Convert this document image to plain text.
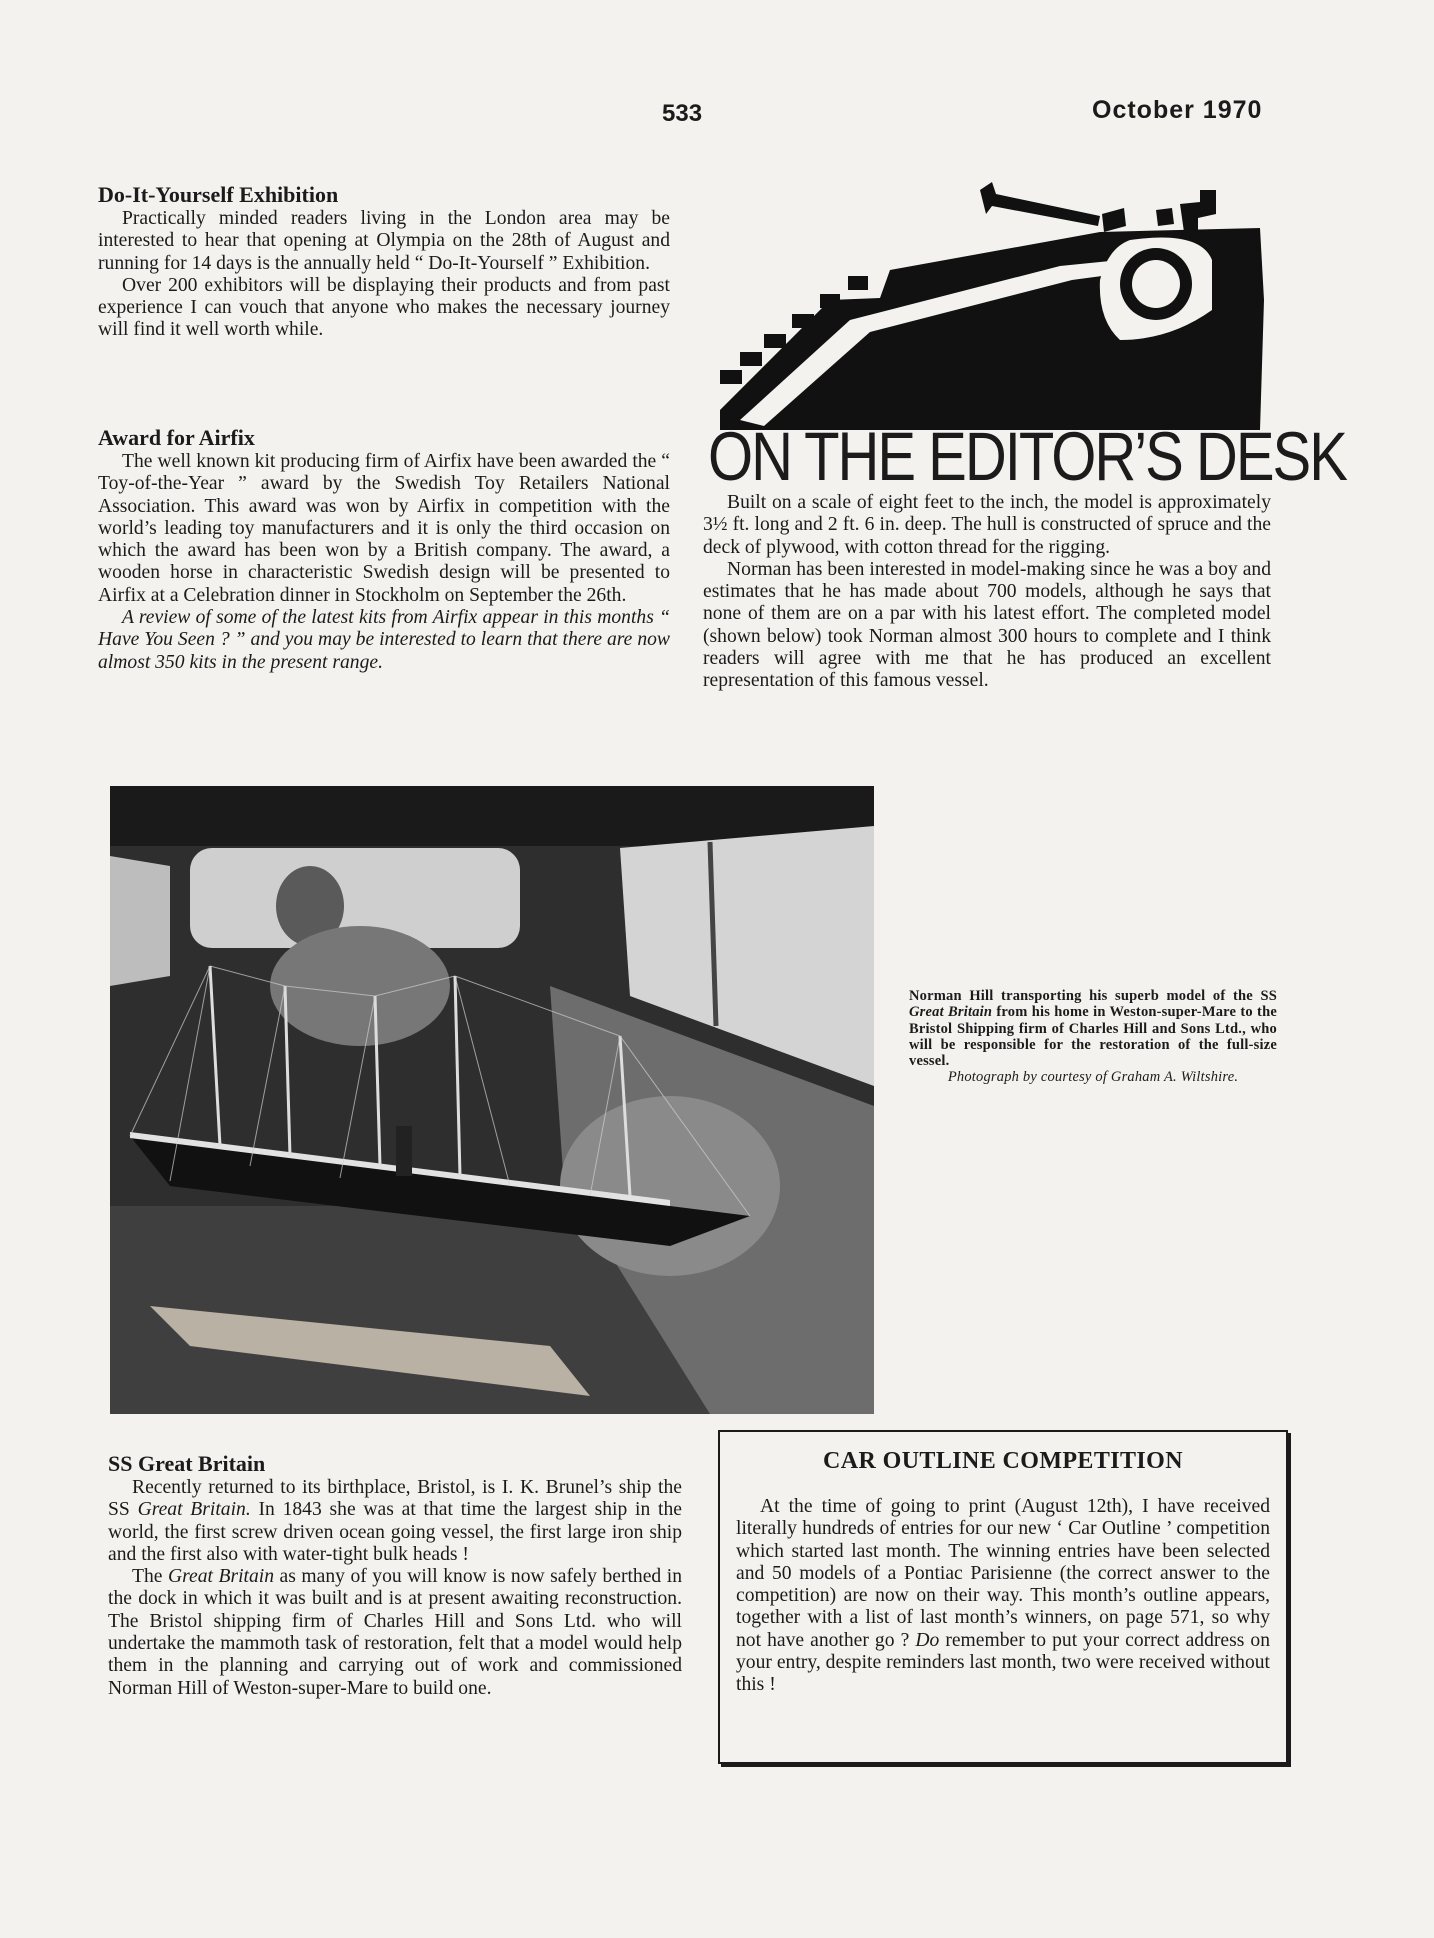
533	October 1970
Do-It-Yourself Exhibition

Practically minded readers living in the London area may be interested to hear that opening at Olympia on the 28th of August and running for 14 days is the annually held “ Do-It-Yourself ” Exhibition.

Over 200 exhibitors will be displaying their products and from past experience I can vouch that anyone who makes the necessary journey will find it well worth while.

Award for Airfix

The well known kit producing firm of Airfix have been awarded the “ Toy-of-the-Year ” award by the Swedish Toy Retailers National Association. This award was won by Airfix in competition with the world’s leading toy manufacturers and it is only the third occasion on which the award has been won by a British company. The award, a wooden horse in characteristic Swedish design will be presented to Airfix at a Celebration dinner in Stockholm on September the 26th.

A review of some of the latest kits from Airfix appear in this months “ Have You Seen ? ” and you may be interested to learn that there are now almost 350 kits in the present range.

ON THE EDITOR’S DESK

Built on a scale of eight feet to the inch, the model is approximately 3½ ft. long and 2 ft. 6 in. deep. The hull is constructed of spruce and the deck of plywood, with cotton thread for the rigging.

Norman has been interested in model-making since he was a boy and estimates that he has made about 700 models, although he says that none of them are on a par with his latest effort. The completed model (shown below) took Norman almost 300 hours to complete and I think readers will agree with me that he has produced an excellent representation of this famous vessel.

Norman Hill transporting his superb model of the SS Great Britain from his home in Weston-super-Mare to the Bristol Shipping firm of Charles Hill and Sons Ltd., who will be responsible for the restoration of the full-size vessel.
Photograph by courtesy of Graham A. Wiltshire.
SS Great Britain

Recently returned to its birthplace, Bristol, is I. K. Brunel’s ship the SS Great Britain. In 1843 she was at that time the largest ship in the world, the first screw driven ocean going vessel, the first large iron ship and the first also with water-tight bulk heads !

The Great Britain as many of you will know is now safely berthed in the dock in which it was built and is at present awaiting reconstruction. The Bristol shipping firm of Charles Hill and Sons Ltd. who will undertake the mammoth task of restoration, felt that a model would help them in the planning and carrying out of work and commissioned Norman Hill of Weston-super-Mare to build one.

CAR OUTLINE COMPETITION

At the time of going to print (August 12th), I have received literally hundreds of entries for our new ‘ Car Outline ’ competition which started last month. The winning entries have been selected and 50 models of a Pontiac Parisienne (the correct answer to the competition) are now on their way. This month’s outline appears, together with a list of last month’s winners, on page 571, so why not have another go ? Do remember to put your correct address on your entry, despite reminders last month, two were received without this !
